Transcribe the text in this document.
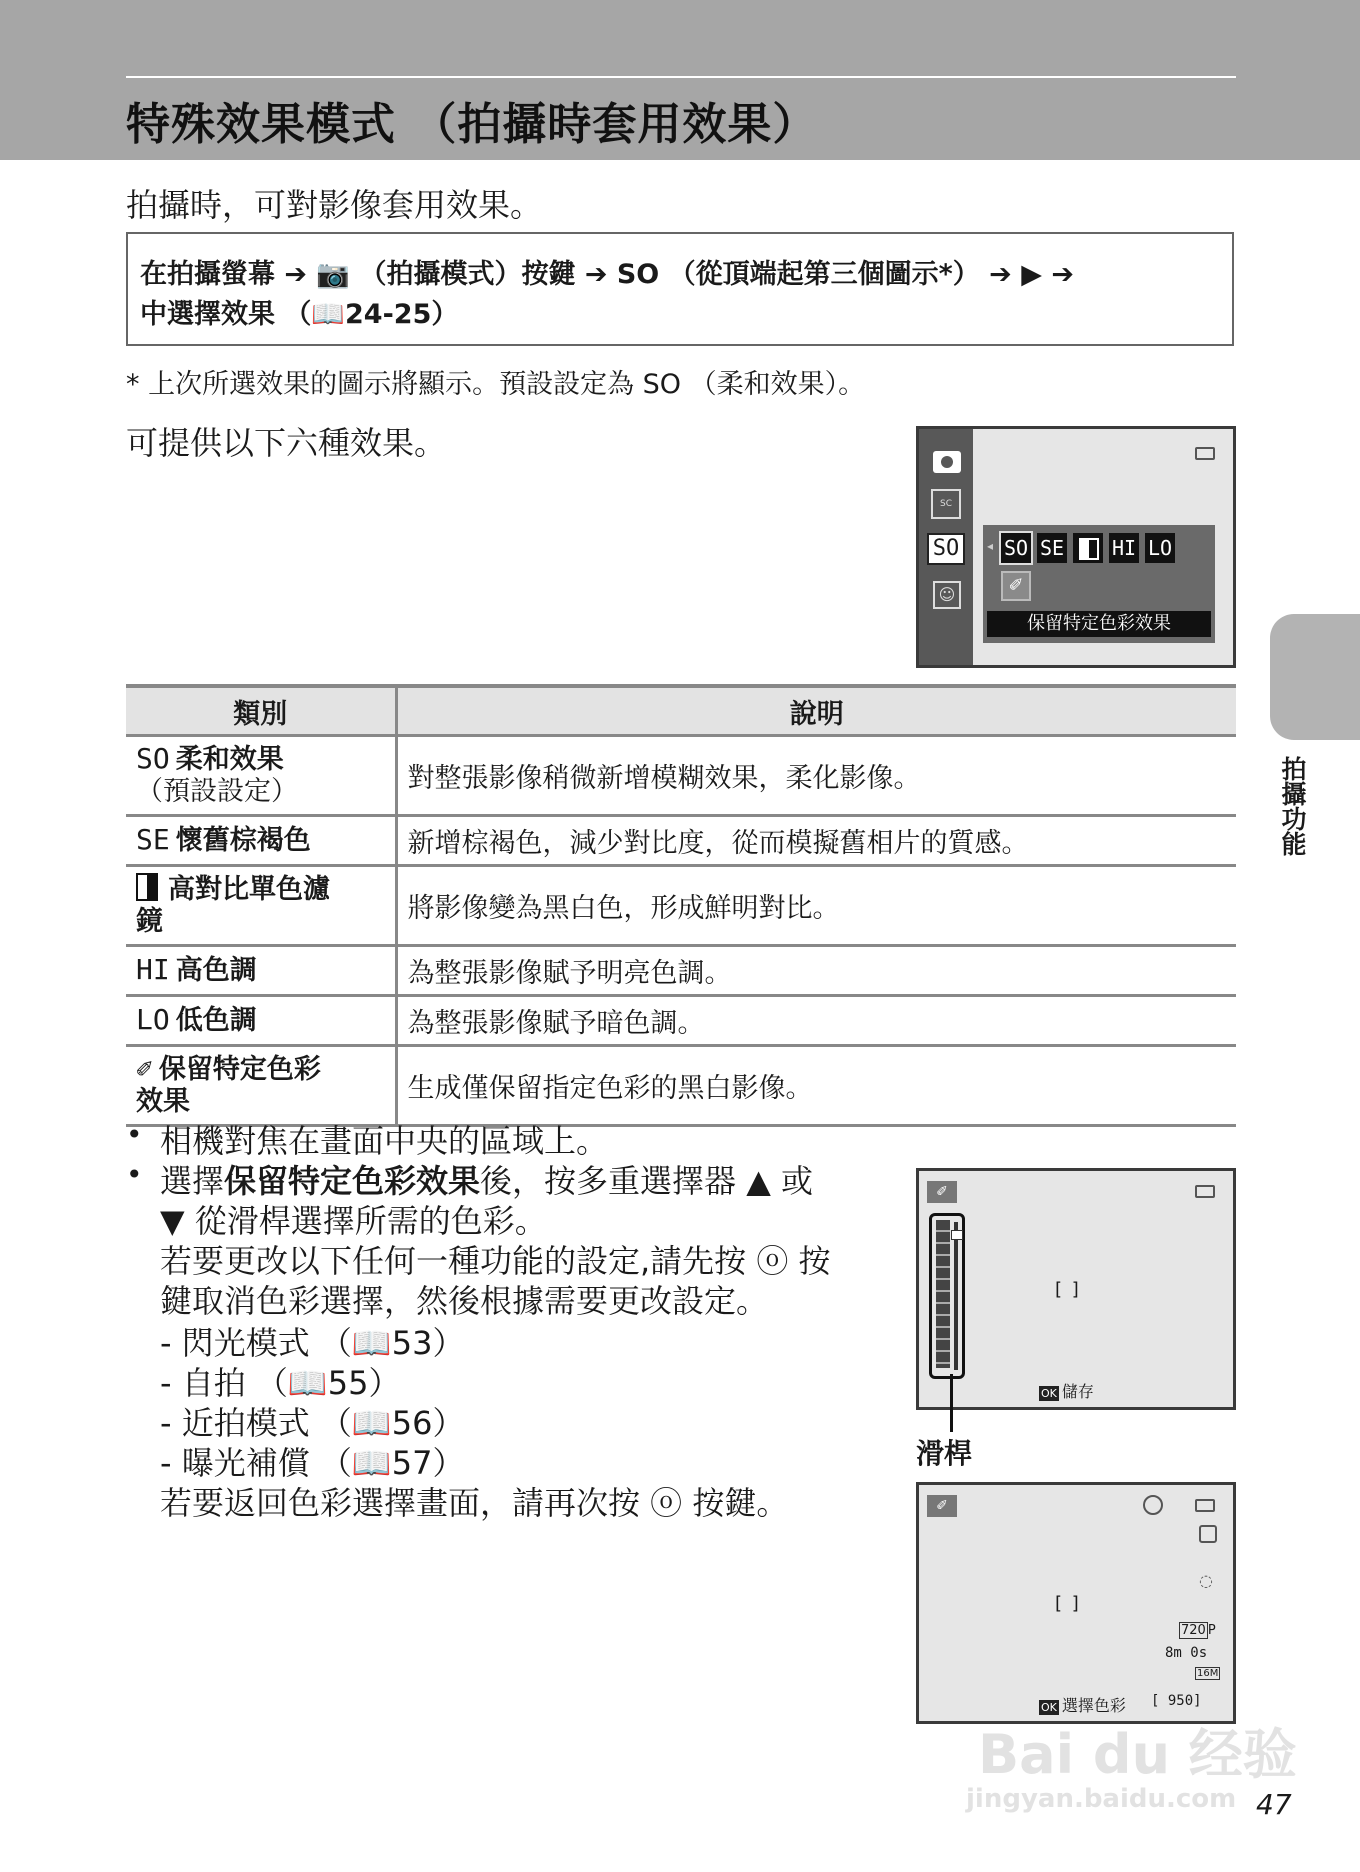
特殊效果模式 （拍攝時套用效果）
拍攝時，可對影像套用效果。
在拍攝螢幕 ➔ 📷 （拍攝模式）按鍵 ➔ SO （從頂端起第三個圖示*） ➔ ▶ ➔
中選擇效果 （📖24-25）
* 上次所選效果的圖示將顯示。預設設定為 SO （柔和效果）。
可提供以下六種效果。
SC
SO
☺
◂ SO SE HI LO
✐
保留特定色彩效果
拍攝功能
類別	說明

SO 柔和效果
（預設設定）	對整張影像稍微新增模糊效果，柔化影像。
SE 懷舊棕褐色	新增棕褐色，減少對比度，從而模擬舊相片的質感。

高對比單色濾
鏡	將影像變為黑白色，形成鮮明對比。
HI 高色調	為整張影像賦予明亮色調。
LO 低色調	為整張影像賦予暗色調。

✐ 保留特定色彩
效果	生成僅保留指定色彩的黑白影像。
• 相機對焦在畫面中央的區域上。
• 選擇保留特定色彩效果後，按多重選擇器 ▲ 或
▼ 從滑桿選擇所需的色彩。
若要更改以下任何一種功能的設定,請先按 ⓞ 按
鍵取消色彩選擇，然後根據需要更改設定。
- 閃光模式 （📖53）
- 自拍 （📖55）
- 近拍模式 （📖56）
- 曝光補償 （📖57）
若要返回色彩選擇畫面，請再次按 ⓞ 按鍵。
✐
[ ]
OK 儲存
滑桿
✐
◌
[ ]
720 P
8m 0s
16M
OK 選擇色彩 [ 950]
Bai du 经验
jingyan.baidu.com 47
